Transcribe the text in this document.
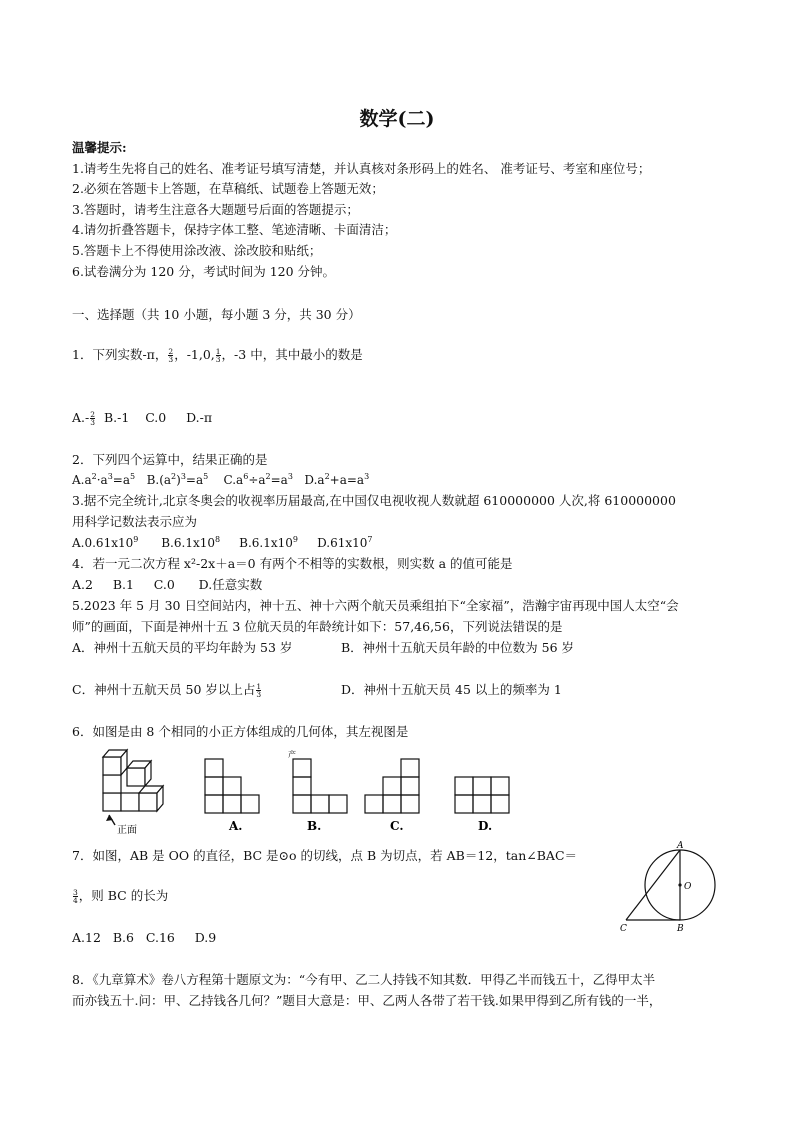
数学(二)
温馨提示:
1.请考生先将自己的姓名、准考证号填写清楚，并认真核对条形码上的姓名、 准考证号、考室和座位号；
2.必须在答题卡上答题，在草稿纸、试题卷上答题无效；
3.答题时，请考生注意各大题题号后面的答题提示；
4.请勿折叠答题卡，保持字体工整、笔迹清晰、卡面清洁；
5.答题卡上不得使用涂改液、涂改胶和贴纸；
6.试卷满分为 120 分，考试时间为 120 分钟。
一、选择题（共 10 小题，每小题 3 分，共 30 分）
1．下列实数-π， $\frac{2}{3}$ ，-1,0, $\frac{1}{3}$ ，-3 中，其中最小的数是
$A.- \frac{2}{3} B.-1$    C.0     D.-π
2．下列四个运算中，结果正确的是
$A.a^2\cdot a^3=a^5$ $B.(a^2)^3=a^5$ $C.a^6\div a^2=a^3$ $D.a^2+a=a^3$
3.据不完全统计,北京冬奥会的收视率历届最高,在中国仅电视收视人数就超 610000000 人次,将 610000000
用科学记数法表示应为
$A.0.61x10^9$      $B.6.1x10^8$     $B.6.1x10^9$     $D.61x10^7$
4．若一元二次方程 x²-2x＋a＝0 有两个不相等的实数根，则实数 a 的值可能是
A.2     B.1     C.0      D.任意实数
5.2023 年 5 月 30 日空间站内，神十五、神十六两个航天员乘组拍下“全家福”，浩瀚宇宙再现中国人太空“会
师”的画面，下面是神州十五 3 位航天员的年龄统计如下：57,46,56，下列说法错误的是
A．神州十五航天员的平均年龄为 53 岁	B．神州十五航天员年龄的中位数为 56 岁
C．神州十五航天员 50 岁以上占 $\frac{1}{3}$	D．神州十五航天员 45 以上的频率为 1
6．如图是由 8 个相同的小正方体组成的几何体，其左视图是
正面	A.
产
B.	C.	D.
7．如图，AB 是 OO 的直径，BC 是⊙o 的切线，点 B 为切点，若 AB＝12，tan∠BAC＝
$\frac{3}{4}$ ，则 BC 的长为
A.12   B.6   C.16     D.9
A
O
C	B
8．《九章算术》卷八方程第十题原文为：“今有甲、乙二人持钱不知其数．甲得乙半而钱五十，乙得甲太半
而亦钱五十.问：甲、乙持钱各几何？”题目大意是：甲、乙两人各带了若干钱.如果甲得到乙所有钱的一半，
